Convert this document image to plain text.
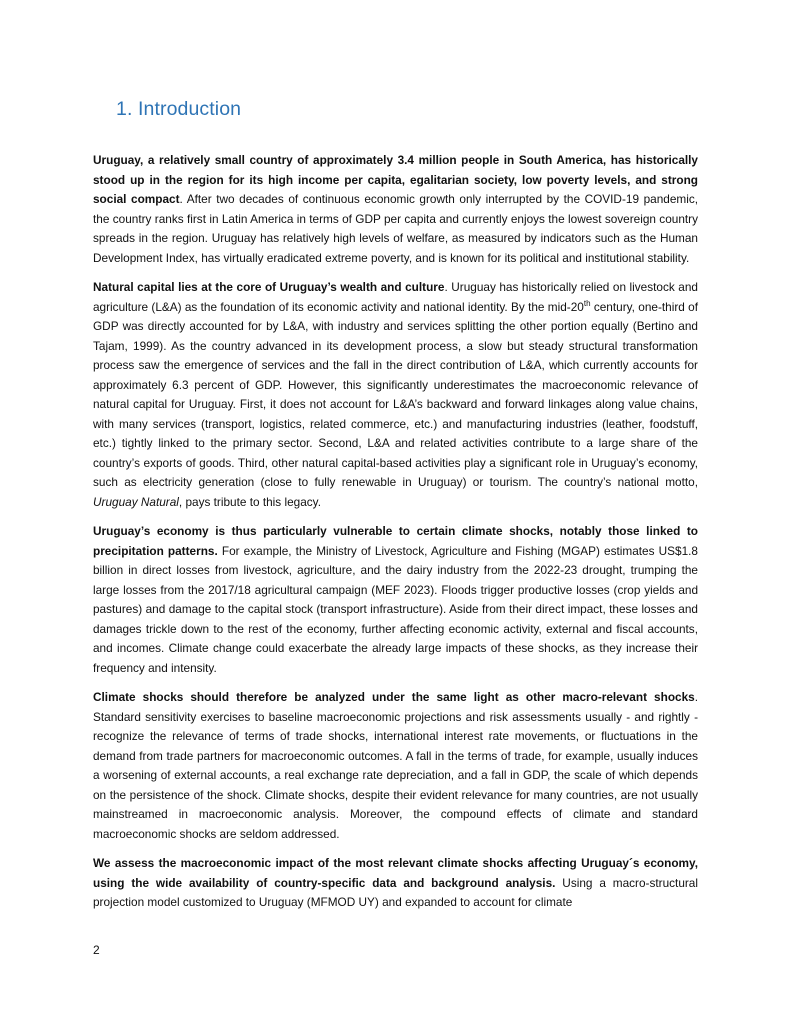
1. Introduction

Uruguay, a relatively small country of approximately 3.4 million people in South America, has historically stood up in the region for its high income per capita, egalitarian society, low poverty levels, and strong social compact. After two decades of continuous economic growth only interrupted by the COVID-19 pandemic, the country ranks first in Latin America in terms of GDP per capita and currently enjoys the lowest sovereign country spreads in the region. Uruguay has relatively high levels of welfare, as measured by indicators such as the Human Development Index, has virtually eradicated extreme poverty, and is known for its political and institutional stability.

Natural capital lies at the core of Uruguay’s wealth and culture. Uruguay has historically relied on livestock and agriculture (L&A) as the foundation of its economic activity and national identity. By the mid-20th century, one-third of GDP was directly accounted for by L&A, with industry and services splitting the other portion equally (Bertino and Tajam, 1999). As the country advanced in its development process, a slow but steady structural transformation process saw the emergence of services and the fall in the direct contribution of L&A, which currently accounts for approximately 6.3 percent of GDP. However, this significantly underestimates the macroeconomic relevance of natural capital for Uruguay. First, it does not account for L&A’s backward and forward linkages along value chains, with many services (transport, logistics, related commerce, etc.) and manufacturing industries (leather, foodstuff, etc.) tightly linked to the primary sector. Second, L&A and related activities contribute to a large share of the country’s exports of goods. Third, other natural capital-based activities play a significant role in Uruguay’s economy, such as electricity generation (close to fully renewable in Uruguay) or tourism. The country’s national motto, Uruguay Natural, pays tribute to this legacy.

Uruguay’s economy is thus particularly vulnerable to certain climate shocks, notably those linked to precipitation patterns. For example, the Ministry of Livestock, Agriculture and Fishing (MGAP) estimates US$1.8 billion in direct losses from livestock, agriculture, and the dairy industry from the 2022-23 drought, trumping the large losses from the 2017/18 agricultural campaign (MEF 2023). Floods trigger productive losses (crop yields and pastures) and damage to the capital stock (transport infrastructure). Aside from their direct impact, these losses and damages trickle down to the rest of the economy, further affecting economic activity, external and fiscal accounts, and incomes. Climate change could exacerbate the already large impacts of these shocks, as they increase their frequency and intensity.

Climate shocks should therefore be analyzed under the same light as other macro-relevant shocks. Standard sensitivity exercises to baseline macroeconomic projections and risk assessments usually - and rightly - recognize the relevance of terms of trade shocks, international interest rate movements, or fluctuations in the demand from trade partners for macroeconomic outcomes. A fall in the terms of trade, for example, usually induces a worsening of external accounts, a real exchange rate depreciation, and a fall in GDP, the scale of which depends on the persistence of the shock. Climate shocks, despite their evident relevance for many countries, are not usually mainstreamed in macroeconomic analysis. Moreover, the compound effects of climate and standard macroeconomic shocks are seldom addressed.

We assess the macroeconomic impact of the most relevant climate shocks affecting Uruguay´s economy, using the wide availability of country-specific data and background analysis. Using a macro-structural projection model customized to Uruguay (MFMOD UY) and expanded to account for climate

2
